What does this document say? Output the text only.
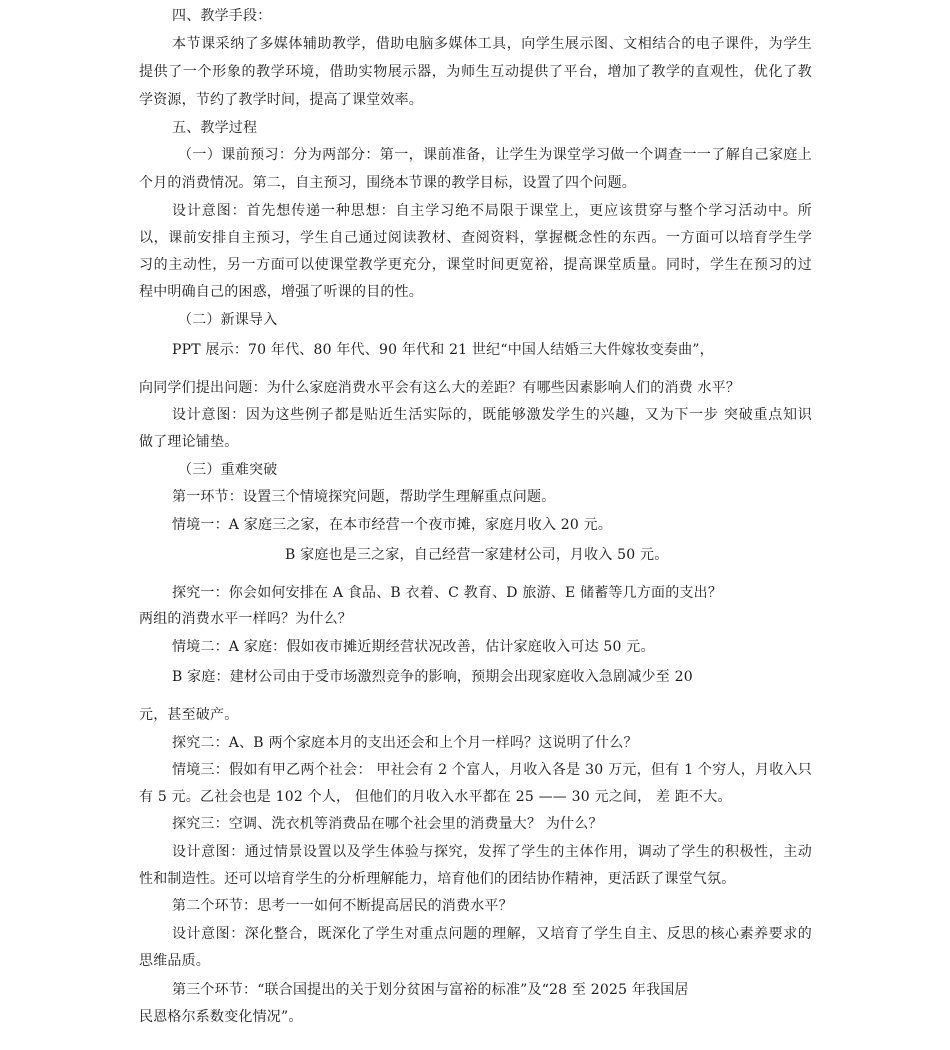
四、教学手段：

本节课采纳了多媒体辅助教学，借助电脑多媒体工具，向学生展示图、文相结合的电子课件，为学生

提供了一个形象的教学环境，借助实物展示器，为师生互动提供了平台，增加了教学的直观性，优化了教

学资源，节约了教学时间，提高了课堂效率。

五、教学过程

（一）课前预习：分为两部分：第一，课前准备，让学生为课堂学习做一个调查一一了解自己家庭上

个月的消费情况。第二，自主预习，围绕本节课的教学目标，设置了四个问题。

设计意图：首先想传递一种思想：自主学习绝不局限于课堂上，更应该贯穿与整个学习活动中。所

以，课前安排自主预习，学生自己通过阅读教材、查阅资料，掌握概念性的东西。一方面可以培育学生学

习的主动性，另一方面可以使课堂教学更充分，课堂时间更宽裕，提高课堂质量。同时，学生在预习的过

程中明确自己的困惑，增强了听课的目的性。

（二）新课导入

PPT 展示：70 年代、80 年代、90 年代和 21 世纪“中国人结婚三大件嫁妆变奏曲”，

向同学们提出问题：为什么家庭消费水平会有这么大的差距？有哪些因素影响人们的消费 水平？

设计意图：因为这些例子都是贴近生活实际的，既能够激发学生的兴趣，又为下一步 突破重点知识

做了理论铺垫。

（三）重难突破

第一环节：设置三个情境探究问题，帮助学生理解重点问题。

情境一：A 家庭三之家，在本市经营一个夜市摊，家庭月收入 20 元。

B 家庭也是三之家，自己经营一家建材公司，月收入 50 元。

探究一：你会如何安排在 A 食品、B 衣着、C 教育、D 旅游、E 储蓄等几方面的支出？

两组的消费水平一样吗？为什么？

情境二：A 家庭：假如夜市摊近期经营状况改善，估计家庭收入可达 50 元。

B 家庭：建材公司由于受市场激烈竞争的影响，预期会出现家庭收入急剧减少至 20

元，甚至破产。

探究二：A、B 两个家庭本月的支出还会和上个月一样吗？这说明了什么？

情境三：假如有甲乙两个社会： 甲社会有 2 个富人，月收入各是 30 万元，但有 1 个穷人，月收入只

有 5 元。乙社会也是 102 个人， 但他们的月收入水平都在 25 —— 30 元之间， 差 距不大。

探究三：空调、洗衣机等消费品在哪个社会里的消费量大？ 为什么？

设计意图：通过情景设置以及学生体验与探究，发挥了学生的主体作用，调动了学生的积极性，主动

性和制造性。还可以培育学生的分析理解能力，培育他们的团结协作精神，更活跃了课堂气氛。

第二个环节：思考一一如何不断提高居民的消费水平？

设计意图：深化整合，既深化了学生对重点问题的理解，又培育了学生自主、反思的核心素养要求的

思维品质。

第三个环节：“联合国提出的关于划分贫困与富裕的标准”及“28 至 2025 年我国居

民恩格尔系数变化情况”。
